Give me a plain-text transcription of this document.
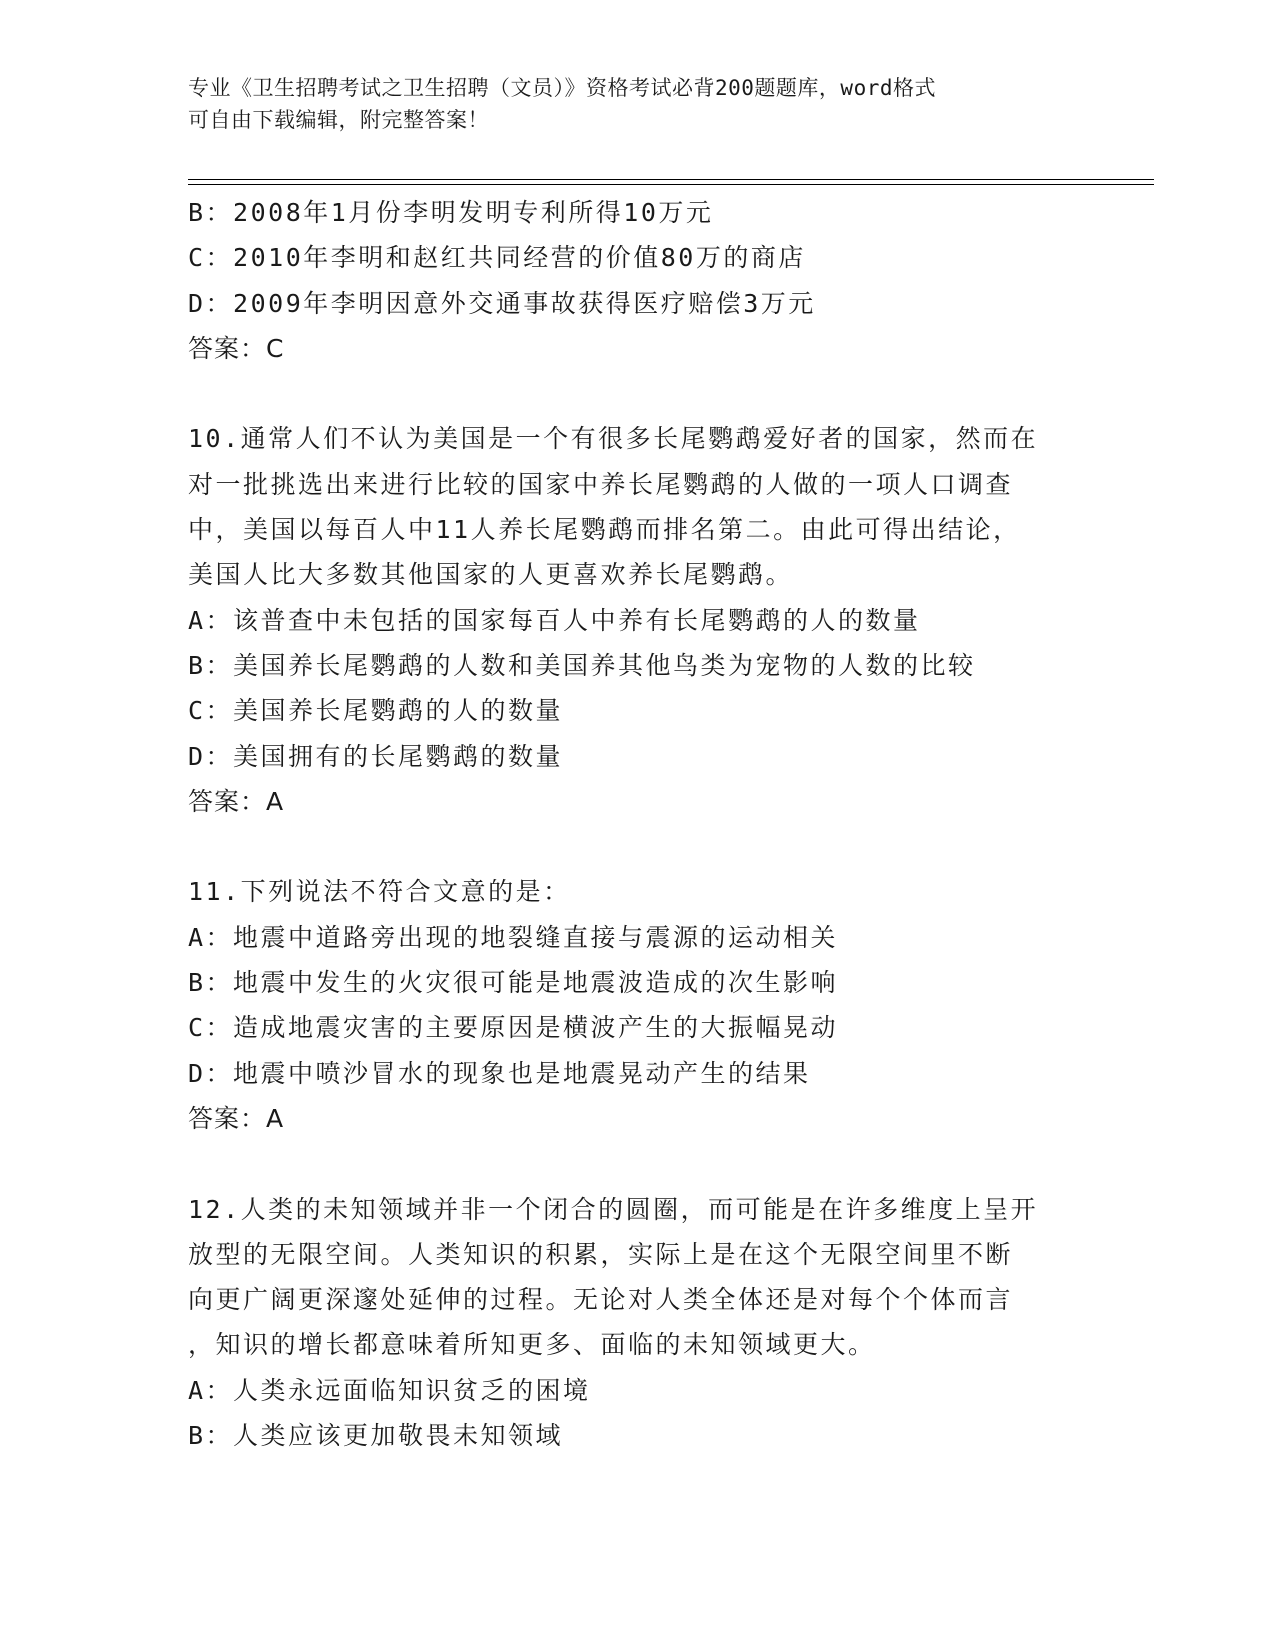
专业《卫生招聘考试之卫生招聘（文员）》资格考试必背200题题库，word格式
可自由下载编辑，附完整答案！
B：2008年1月份李明发明专利所得10万元
C：2010年李明和赵红共同经营的价值80万的商店
D：2009年李明因意外交通事故获得医疗赔偿3万元
答案：C
10.通常人们不认为美国是一个有很多长尾鹦鹉爱好者的国家，然而在
对一批挑选出来进行比较的国家中养长尾鹦鹉的人做的一项人口调查
中，美国以每百人中11人养长尾鹦鹉而排名第二。由此可得出结论，
美国人比大多数其他国家的人更喜欢养长尾鹦鹉。
A：该普查中未包括的国家每百人中养有长尾鹦鹉的人的数量
B：美国养长尾鹦鹉的人数和美国养其他鸟类为宠物的人数的比较
C：美国养长尾鹦鹉的人的数量
D：美国拥有的长尾鹦鹉的数量
答案：A
11.下列说法不符合文意的是：
A：地震中道路旁出现的地裂缝直接与震源的运动相关
B：地震中发生的火灾很可能是地震波造成的次生影响
C：造成地震灾害的主要原因是横波产生的大振幅晃动
D：地震中喷沙冒水的现象也是地震晃动产生的结果
答案：A
12.人类的未知领域并非一个闭合的圆圈，而可能是在许多维度上呈开
放型的无限空间。人类知识的积累，实际上是在这个无限空间里不断
向更广阔更深邃处延伸的过程。无论对人类全体还是对每个个体而言
，知识的增长都意味着所知更多、面临的未知领域更大。
A：人类永远面临知识贫乏的困境
B：人类应该更加敬畏未知领域
